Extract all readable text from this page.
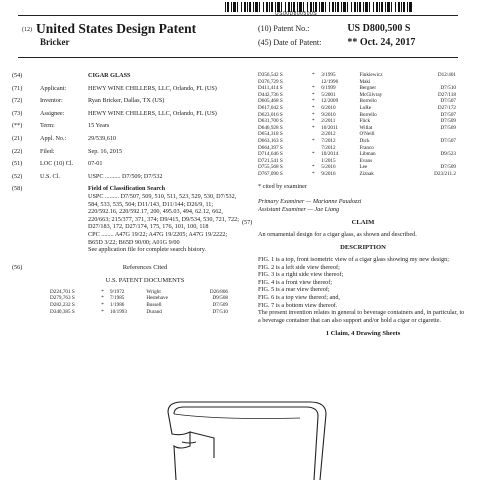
US00D800500S
(12) United States Design Patent
Bricker
(10) Patent No.:	US D800,500 S
(45) Date of Patent:	** Oct. 24, 2017
(54)	CIGAR GLASS
(71)	Applicant:	HEWY WINE CHILLERS, LLC, Orlando, FL (US)
(72)	Inventor:	Ryan Bricker, Dallas, TX (US)
(73)	Assignee:	HEWY WINE CHILLERS, LLC, Orlando, FL (US)
(**)	Term:	15 Years
(21)	Appl. No.:	29/539,610
(22)	Filed:	Sep. 16, 2015
(51)	LOC (10) Cl.	07-01
(52)	U.S. Cl.	USPC .......... D7/509; D7/532
(58)	Field of Classification Search
USPC ......... D7/507, 509, 510, 511, 523, 529, 530, D7/532, 584, 533, 535, 504; D11/143, D11/144; D26/9, 11; 220/592.16, 220/592.17, 200, 495.03, 494, 62.12, 662, 220/663; 215/377, 371, 374; D9/415, D9/534, 530, 721, 722; D27/183, 172, D27/174, 175, 176, 101, 100, 118
CPC ........ A47G 19/22; A47G 19/2205; A47G 19/2222; B65D 3/22; B65D 90/00; A01G 9/00
See application file for complete search history.
(56)	References Cited
U.S. PATENT DOCUMENTS
D224,701 S	*	9/1972	Wright	D26/806
D279,763 S	*	7/1985	Hestehave	D9/508
D282,232 S	*	1/1986	Bussell	D7/509
D340,385 S	*	10/1993	Durand	D7/510
D356,542 S	*	3/1995	Finkiewicz	D12/401
D376,729 S		12/1996	Maki	
D411,414 S	*	6/1999	Bergner	D7/510
D442,736 S	*	5/2001	McGilvray	D27/118
D605,468 S	*	12/2009	Borrello	D7/507
D617,042 S	*	6/2010	LoRe	D27/172
D623,016 S	*	9/2010	Borrello	D7/507
D631,700 S	*	2/2011	Flick	D7/509
D646,928 S	*	10/2011	Willat	D7/509
D654,318 S		2/2012	O'Neill	
D663,163 S	*	7/2012	Dick	D7/507
D664,397 S		7/2012	Franco	
D714,646 S	*	10/2014	Libman	D9/523
D721,541 S		1/2015	Evans	
D755,568 S	*	5/2016	Lee	D7/509
D767,090 S	*	9/2016	Ziznak	D23/211.2
* cited by examiner
Primary Examiner — Marianne Paudozzi
Assistant Examiner — Jae Liang
(57)	CLAIM
An ornamental design for a cigar glass, as shown and described.
DESCRIPTION
FIG. 1 is a top, front isometric view of a cigar glass showing my new design;
FIG. 2 is a left side view thereof;
FIG. 3 is a right side view thereof;
FIG. 4 is a front view thereof;
FIG. 5 is a rear view thereof;
FIG. 6 is a top view thereof; and,
FIG. 7 is a bottom view thereof.
The present invention relates in general to beverage containers and, in particular, to a beverage container that can also support and/or hold a cigar or cigarette.
1 Claim, 4 Drawing Sheets
